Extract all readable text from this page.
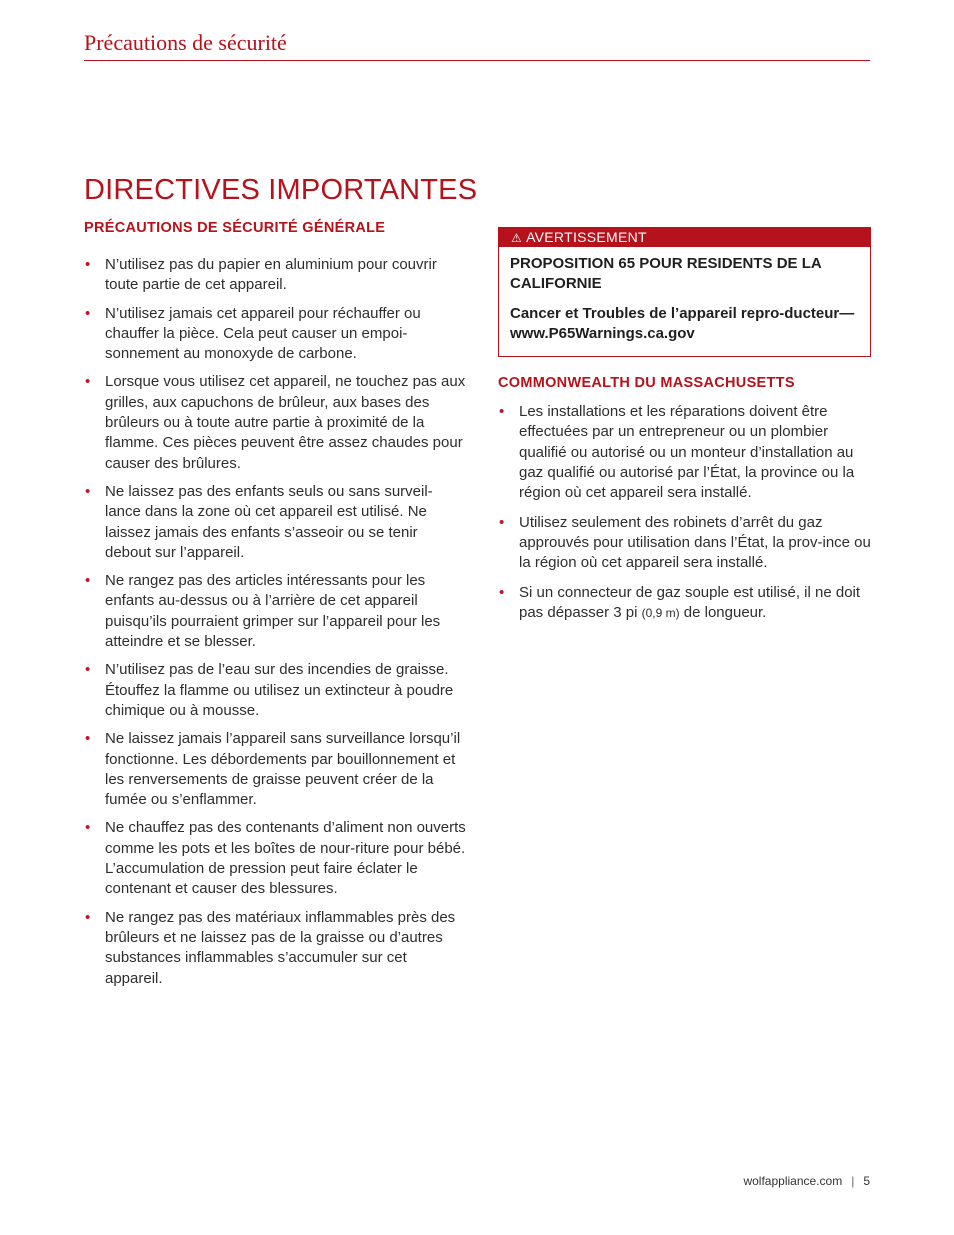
Précautions de sécurité
DIRECTIVES IMPORTANTES
PRÉCAUTIONS DE SÉCURITÉ GÉNÉRALE
• N’utilisez pas du papier en aluminium pour couvrir toute partie de cet appareil.
• N’utilisez jamais cet appareil pour réchauffer ou chauffer la pièce. Cela peut causer un empoi-sonnement au monoxyde de carbone.
• Lorsque vous utilisez cet appareil, ne touchez pas aux grilles, aux capuchons de brûleur, aux bases des brûleurs ou à toute autre partie à proximité de la flamme. Ces pièces peuvent être assez chaudes pour causer des brûlures.
• Ne laissez pas des enfants seuls ou sans surveil-lance dans la zone où cet appareil est utilisé. Ne laissez jamais des enfants s’asseoir ou se tenir debout sur l’appareil.
• Ne rangez pas des articles intéressants pour les enfants au-dessus ou à l’arrière de cet appareil puisqu’ils pourraient grimper sur l’appareil pour les atteindre et se blesser.
• N’utilisez pas de l’eau sur des incendies de graisse. Étouffez la flamme ou utilisez un extincteur à poudre chimique ou à mousse.
• Ne laissez jamais l’appareil sans surveillance lorsqu’il fonctionne. Les débordements par bouillonnement et les renversements de graisse peuvent créer de la fumée ou s’enflammer.
• Ne chauffez pas des contenants d’aliment non ouverts comme les pots et les boîtes de nour-riture pour bébé. L’accumulation de pression peut faire éclater le contenant et causer des blessures.
• Ne rangez pas des matériaux inflammables près des brûleurs et ne laissez pas de la graisse ou d’autres substances inflammables s’accumuler sur cet appareil.
⚠ AVERTISSEMENT

PROPOSITION 65 POUR RESIDENTS DE LA CALIFORNIE

Cancer et Troubles de l’appareil repro-ducteur—www.P65Warnings.ca.gov

COMMONWEALTH DU MASSACHUSETTS
• Les installations et les réparations doivent être effectuées par un entrepreneur ou un plombier qualifié ou autorisé ou un monteur d’installation au gaz qualifié ou autorisé par l’État, la province ou la région où cet appareil sera installé.
• Utilisez seulement des robinets d’arrêt du gaz approuvés pour utilisation dans l’État, la prov-ince ou la région où cet appareil sera installé.
• Si un connecteur de gaz souple est utilisé, il ne doit pas dépasser 3 pi (0,9 m) de longueur.
wolfappliance.com | 5
